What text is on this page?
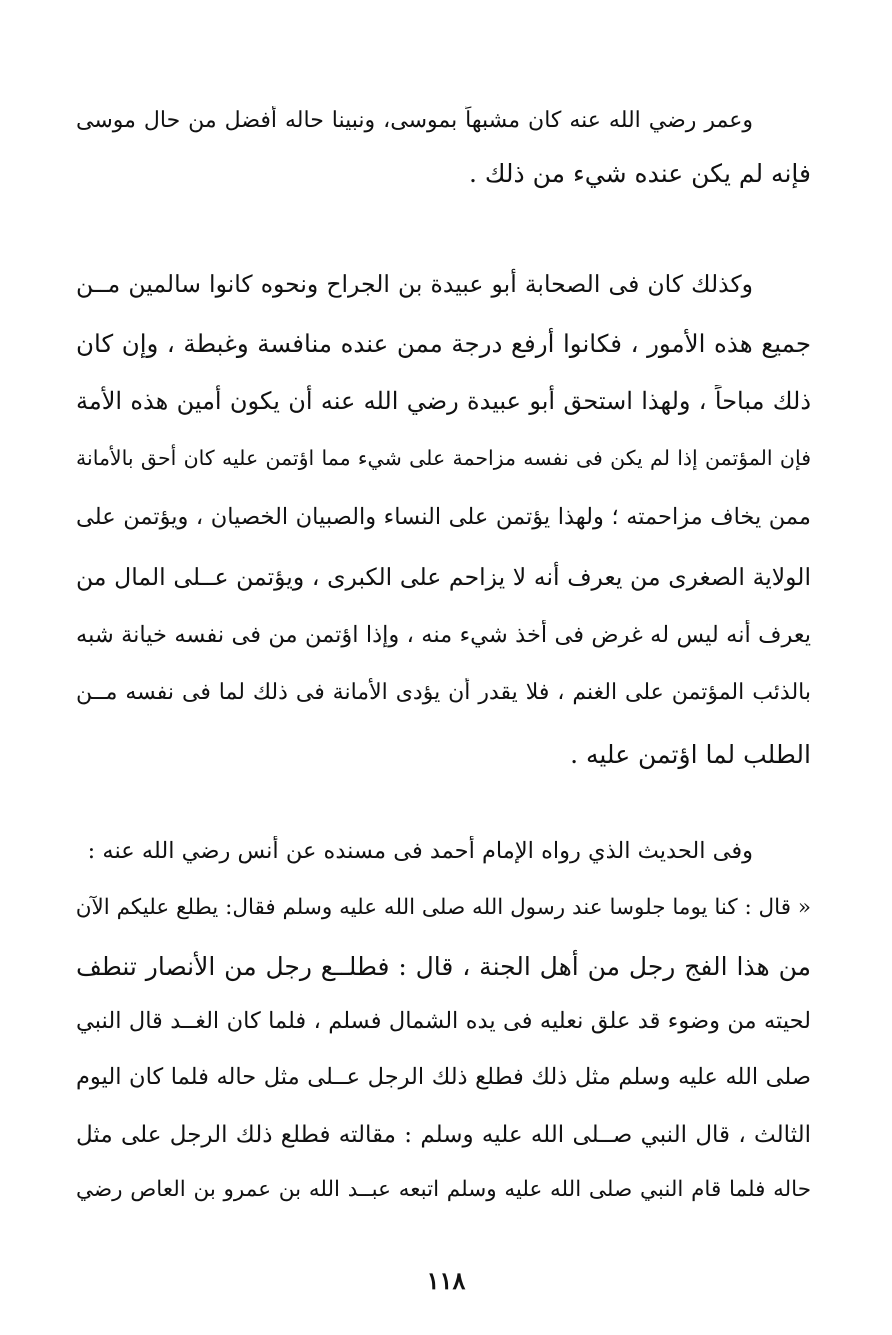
وعمر رضي الله عنه كان مشبهاً بموسى، ونبينا حاله أفضل من حال موسى
فإنه لم يكن عنده شيء من ذلك .
وكذلك كان فى الصحابة أبو عبيدة بن الجراح ونحوه كانوا سالمين مــن
جميع هذه الأمور ، فكانوا أرفع درجة ممن عنده منافسة وغبطة ، وإن كان
ذلك مباحاً ، ولهذا استحق أبو عبيدة رضي الله عنه أن يكون أمين هذه الأمة
فإن المؤتمن إذا لم يكن فى نفسه مزاحمة على شيء مما اؤتمن عليه كان أحق بالأمانة
ممن يخاف مزاحمته ؛ ولهذا يؤتمن على النساء والصبيان الخصيان ، ويؤتمن على
الولاية الصغرى من يعرف أنه لا يزاحم على الكبرى ، ويؤتمن عــلى المال من
يعرف أنه ليس له غرض فى أخذ شيء منه ، وإذا اؤتمن من فى نفسه خيانة شبه
بالذئب المؤتمن على الغنم ، فلا يقدر أن يؤدى الأمانة فى ذلك لما فى نفسه مــن
الطلب لما اؤتمن عليه .
وفى الحديث الذي رواه الإمام أحمد فى مسنده عن أنس رضي الله عنه :
« قال : كنا يوما جلوسا عند رسول الله صلى الله عليه وسلم فقال: يطلع عليكم الآن
من هذا الفج رجل من أهل الجنة ، قال : فطلــع رجل من الأنصار تنطف
لحيته من وضوء قد علق نعليه فى يده الشمال فسلم ، فلما كان الغــد قال النبي
صلى الله عليه وسلم مثل ذلك فطلع ذلك الرجل عــلى مثل حاله فلما كان اليوم
الثالث ، قال النبي صــلى الله عليه وسلم : مقالته فطلع ذلك الرجل على مثل
حاله فلما قام النبي صلى الله عليه وسلم اتبعه عبــد الله بن عمرو بن العاص رضي
١١٨
